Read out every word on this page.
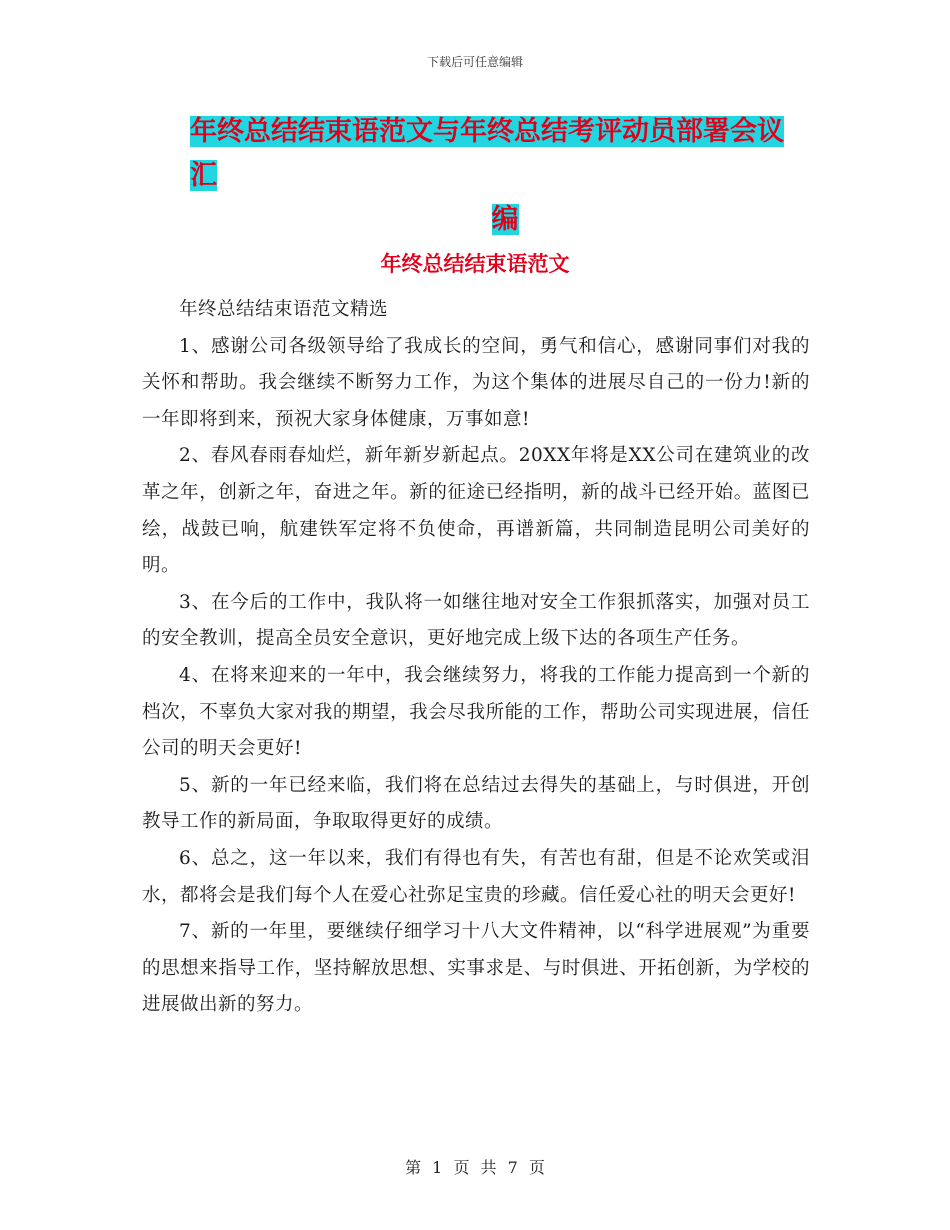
下载后可任意编辑
年终总结结束语范文与年终总结考评动员部署会议汇
编
年终总结结束语范文

年终总结结束语范文精选

1、感谢公司各级领导给了我成长的空间，勇气和信心，感谢同事们对我的关怀和帮助。我会继续不断努力工作，为这个集体的进展尽自己的一份力!新的一年即将到来，预祝大家身体健康，万事如意!

2、春风春雨春灿烂，新年新岁新起点。20XX年将是XX公司在建筑业的改革之年，创新之年，奋进之年。新的征途已经指明，新的战斗已经开始。蓝图已绘，战鼓已响，航建铁军定将不负使命，再谱新篇，共同制造昆明公司美好的明。

3、在今后的工作中，我队将一如继往地对安全工作狠抓落实，加强对员工的安全教训，提高全员安全意识，更好地完成上级下达的各项生产任务。

4、在将来迎来的一年中，我会继续努力，将我的工作能力提高到一个新的档次，不辜负大家对我的期望，我会尽我所能的工作，帮助公司实现进展，信任公司的明天会更好!

5、新的一年已经来临，我们将在总结过去得失的基础上，与时俱进，开创教导工作的新局面，争取取得更好的成绩。

6、总之，这一年以来，我们有得也有失，有苦也有甜，但是不论欢笑或泪水，都将会是我们每个人在爱心社弥足宝贵的珍藏。信任爱心社的明天会更好!

7、新的一年里，要继续仔细学习十八大文件精神，以“科学进展观”为重要的思想来指导工作，坚持解放思想、实事求是、与时俱进、开拓创新，为学校的进展做出新的努力。

第 1 页 共 7 页
